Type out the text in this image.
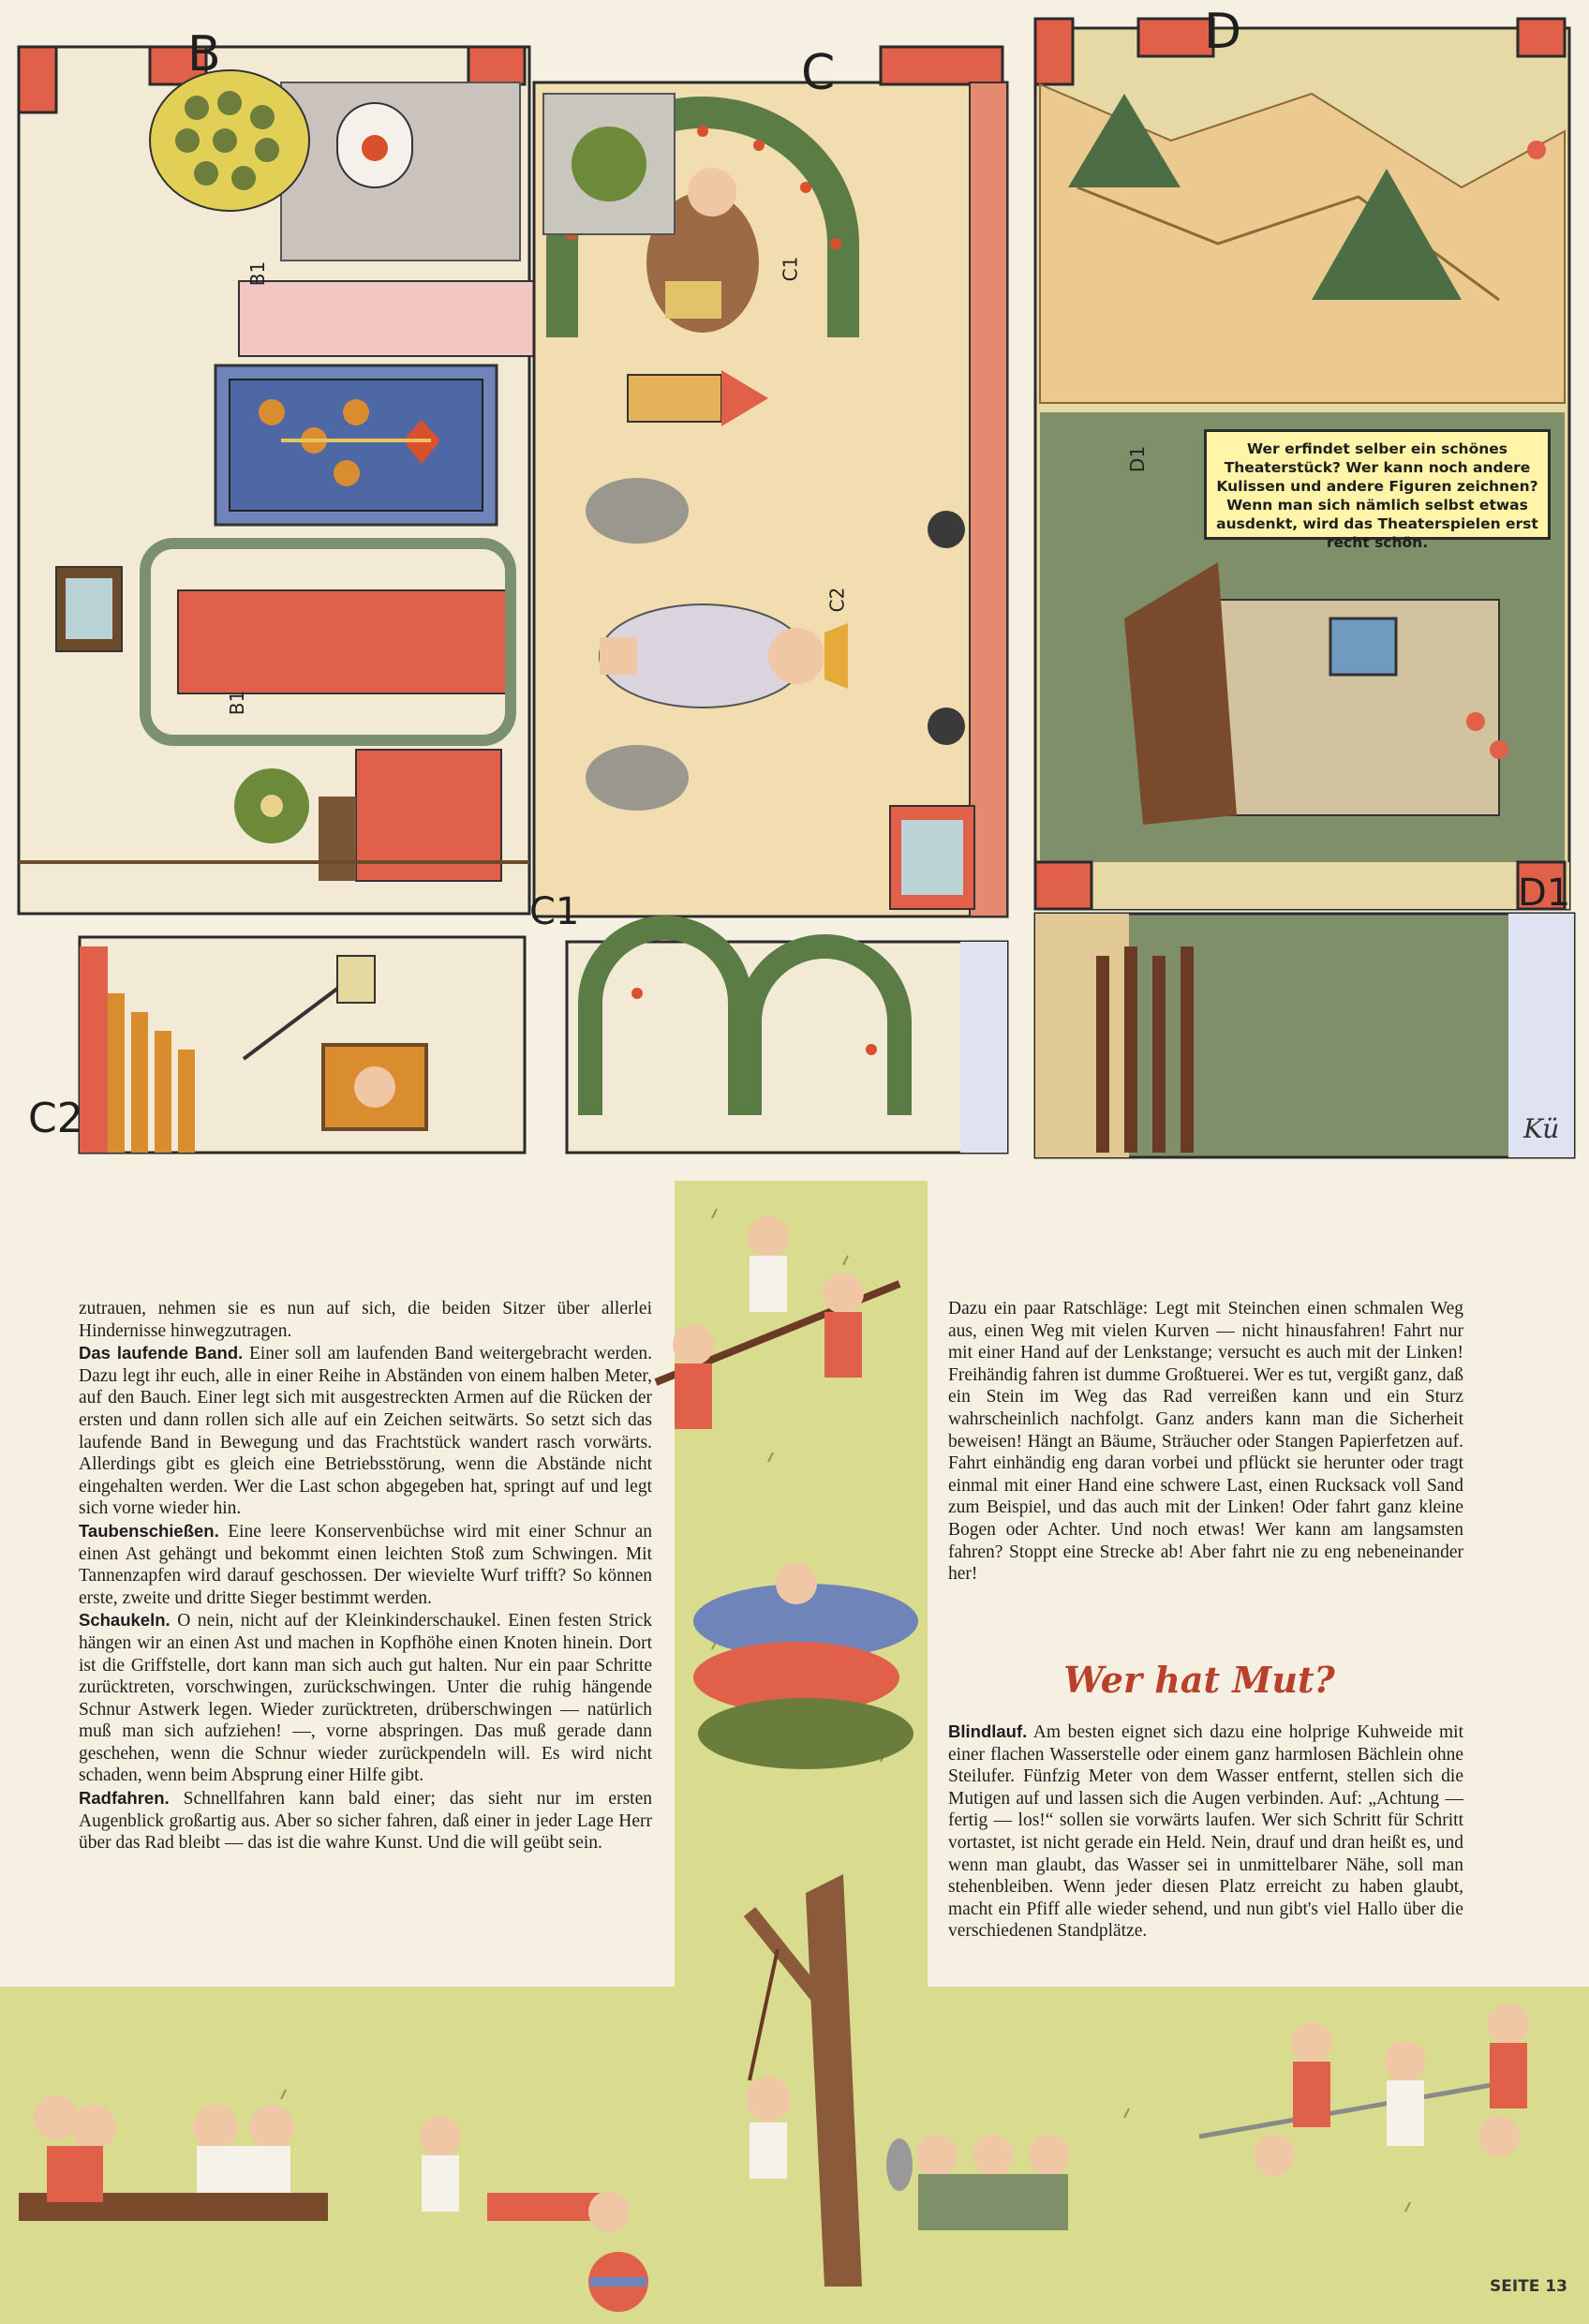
B	C
D
C1
C2
D1
B1	C1
C2
D1
B1
Wer erfindet selber ein schönes Theaterstück? Wer kann noch andere Kulissen und andere Figuren zeichnen? Wenn man sich nämlich selbst etwas ausdenkt, wird das Theaterspielen erst recht schön.
Kü

zutrauen, nehmen sie es nun auf sich, die beiden Sitzer über allerlei Hindernisse hinwegzutragen.

Das laufende Band. Einer soll am laufenden Band weitergebracht werden. Dazu legt ihr euch, alle in einer Reihe in Abständen von einem halben Meter, auf den Bauch. Einer legt sich mit ausgestreckten Armen auf die Rücken der ersten und dann rollen sich alle auf ein Zeichen seitwärts. So setzt sich das laufende Band in Bewegung und das Frachtstück wandert rasch vorwärts. Allerdings gibt es gleich eine Betriebsstörung, wenn die Abstände nicht eingehalten werden. Wer die Last schon abgegeben hat, springt auf und legt sich vorne wieder hin.

Taubenschießen. Eine leere Konservenbüchse wird mit einer Schnur an einen Ast gehängt und bekommt einen leichten Stoß zum Schwingen. Mit Tannenzapfen wird darauf geschossen. Der wievielte Wurf trifft? So können erste, zweite und dritte Sieger bestimmt werden.

Schaukeln. O nein, nicht auf der Kleinkinderschaukel. Einen festen Strick hängen wir an einen Ast und machen in Kopfhöhe einen Knoten hinein. Dort ist die Griffstelle, dort kann man sich auch gut halten. Nur ein paar Schritte zurücktreten, vorschwingen, zurückschwingen. Unter die ruhig hängende Schnur Astwerk legen. Wieder zurücktreten, drüberschwingen — natürlich muß man sich aufziehen! —, vorne abspringen. Das muß gerade dann geschehen, wenn die Schnur wieder zurückpendeln will. Es wird nicht schaden, wenn beim Absprung einer Hilfe gibt.

Radfahren. Schnellfahren kann bald einer; das sieht nur im ersten Augenblick großartig aus. Aber so sicher fahren, daß einer in jeder Lage Herr über das Rad bleibt — das ist die wahre Kunst. Und die will geübt sein.

Dazu ein paar Ratschläge: Legt mit Steinchen einen schmalen Weg aus, einen Weg mit vielen Kurven — nicht hinausfahren! Fahrt nur mit einer Hand auf der Lenkstange; versucht es auch mit der Linken! Freihändig fahren ist dumme Großtuerei. Wer es tut, vergißt ganz, daß ein Stein im Weg das Rad verreißen kann und ein Sturz wahrscheinlich nachfolgt. Ganz anders kann man die Sicherheit beweisen! Hängt an Bäume, Sträucher oder Stangen Papierfetzen auf. Fahrt einhändig eng daran vorbei und pflückt sie herunter oder tragt einmal mit einer Hand eine schwere Last, einen Rucksack voll Sand zum Beispiel, und das auch mit der Linken! Oder fahrt ganz kleine Bogen oder Achter. Und noch etwas! Wer kann am langsamsten fahren? Stoppt eine Strecke ab! Aber fahrt nie zu eng nebeneinander her!

Wer hat Mut?

Blindlauf. Am besten eignet sich dazu eine holprige Kuhweide mit einer flachen Wasserstelle oder einem ganz harmlosen Bächlein ohne Steilufer. Fünfzig Meter von dem Wasser entfernt, stellen sich die Mutigen auf und lassen sich die Augen verbinden. Auf: „Achtung — fertig — los!“ sollen sie vorwärts laufen. Wer sich Schritt für Schritt vortastet, ist nicht gerade ein Held. Nein, drauf und dran heißt es, und wenn man glaubt, das Wasser sei in unmittelbarer Nähe, soll man stehenbleiben. Wenn jeder diesen Platz erreicht zu haben glaubt, macht ein Pfiff alle wieder sehend, und nun gibt's viel Hallo über die verschiedenen Standplätze.

SEITE 13
